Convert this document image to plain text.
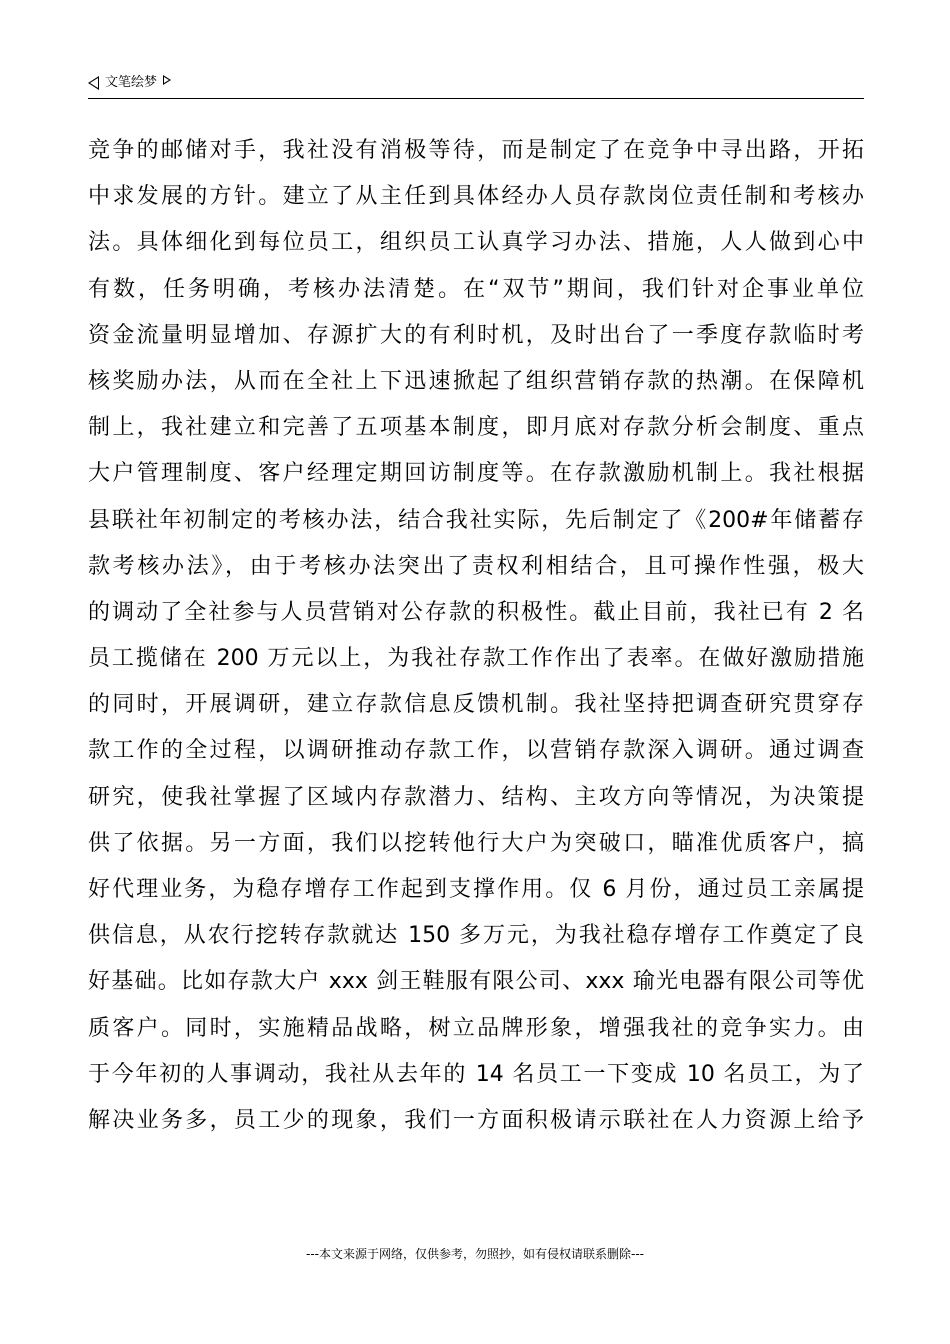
文笔绘梦
竞争的邮储对手，我社没有消极等待，而是制定了在竞争中寻出路，开拓
中求发展的方针。建立了从主任到具体经办人员存款岗位责任制和考核办
法。具体细化到每位员工，组织员工认真学习办法、措施，人人做到心中
有数，任务明确，考核办法清楚。在“双节”期间，我们针对企事业单位
资金流量明显增加、存源扩大的有利时机，及时出台了一季度存款临时考
核奖励办法，从而在全社上下迅速掀起了组织营销存款的热潮。在保障机
制上，我社建立和完善了五项基本制度，即月底对存款分析会制度、重点
大户管理制度、客户经理定期回访制度等。在存款激励机制上。我社根据
县联社年初制定的考核办法，结合我社实际，先后制定了《200#年储蓄存
款考核办法》，由于考核办法突出了责权利相结合，且可操作性强，极大
的调动了全社参与人员营销对公存款的积极性。截止目前，我社已有 2 名
员工揽储在 200 万元以上，为我社存款工作作出了表率。在做好激励措施
的同时，开展调研，建立存款信息反馈机制。我社坚持把调查研究贯穿存
款工作的全过程，以调研推动存款工作，以营销存款深入调研。通过调查
研究，使我社掌握了区域内存款潜力、结构、主攻方向等情况，为决策提
供了依据。另一方面，我们以挖转他行大户为突破口，瞄准优质客户，搞
好代理业务，为稳存增存工作起到支撑作用。仅 6 月份，通过员工亲属提
供信息，从农行挖转存款就达 150 多万元，为我社稳存增存工作奠定了良
好基础。比如存款大户 xxx 剑王鞋服有限公司、xxx 瑜光电器有限公司等优
质客户。同时，实施精品战略，树立品牌形象，增强我社的竞争实力。由
于今年初的人事调动，我社从去年的 14 名员工一下变成 10 名员工，为了
解决业务多，员工少的现象，我们一方面积极请示联社在人力资源上给予
---本文来源于网络，仅供参考，勿照抄，如有侵权请联系删除---
